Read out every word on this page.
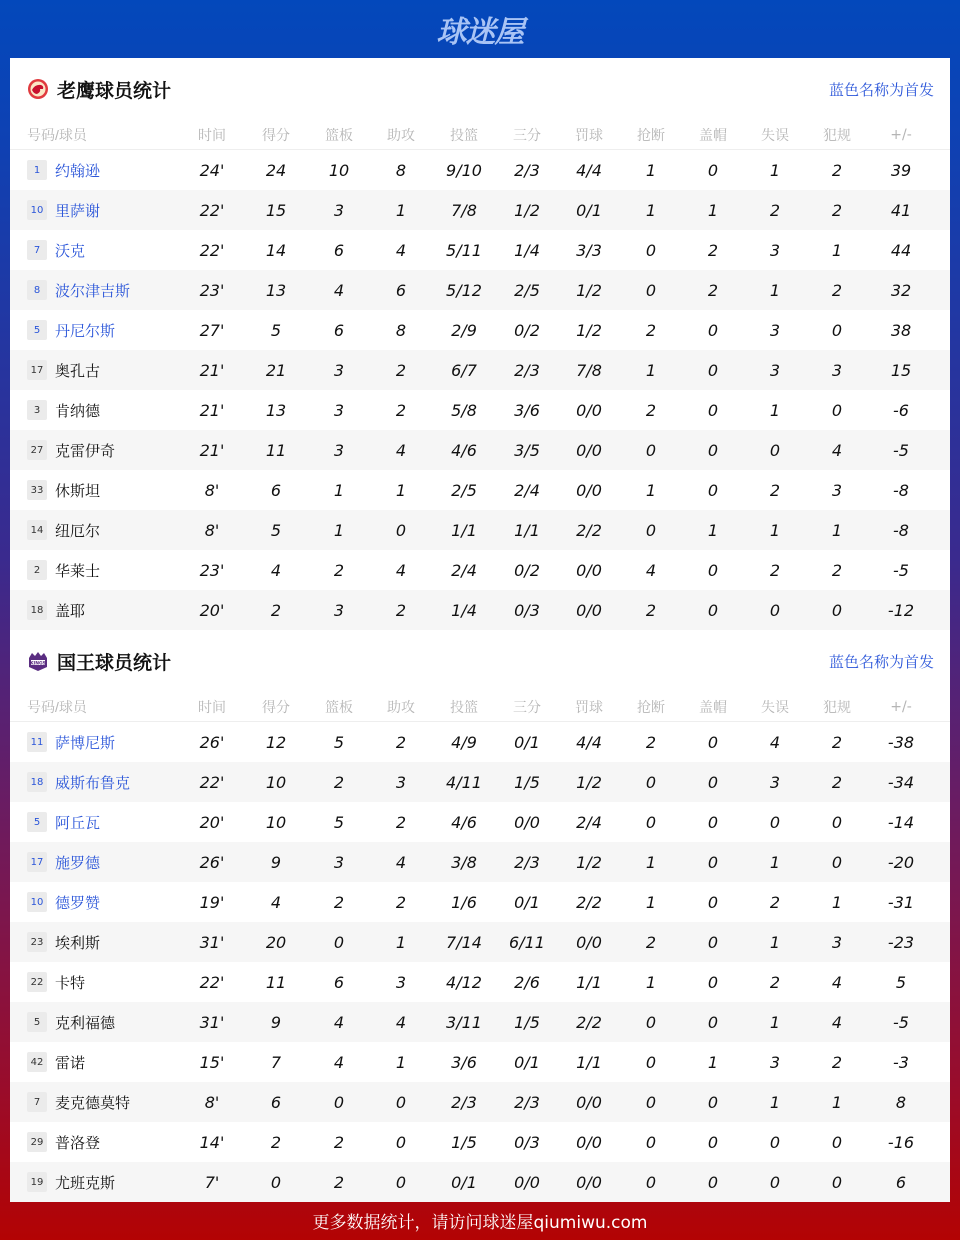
球迷屋
老鹰球员统计	蓝色名称为首发
号码/球员	时间	得分	篮板	助攻	投篮	三分	罚球	抢断	盖帽	失误	犯规	+/-
1 约翰逊	24'	24	10	8	9/10	2/3	4/4	1	0	1	2	39
10 里萨谢	22'	15	3	1	7/8	1/2	0/1	1	1	2	2	41
7 沃克	22'	14	6	4	5/11	1/4	3/3	0	2	3	1	44
8 波尔津吉斯	23'	13	4	6	5/12	2/5	1/2	0	2	1	2	32
5 丹尼尔斯	27'	5	6	8	2/9	0/2	1/2	2	0	3	0	38
17 奥孔古	21'	21	3	2	6/7	2/3	7/8	1	0	3	3	15
3 肯纳德	21'	13	3	2	5/8	3/6	0/0	2	0	1	0	-6
27 克雷伊奇	21'	11	3	4	4/6	3/5	0/0	0	0	0	4	-5
33 休斯坦	8'	6	1	1	2/5	2/4	0/0	1	0	2	3	-8
14 纽厄尔	8'	5	1	0	1/1	1/1	2/2	0	1	1	1	-8
2 华莱士	23'	4	2	4	2/4	0/2	0/0	4	0	2	2	-5
18 盖耶	20'	2	3	2	1/4	0/3	0/0	2	0	0	0	-12
KINGS 国王球员统计	蓝色名称为首发
号码/球员	时间	得分	篮板	助攻	投篮	三分	罚球	抢断	盖帽	失误	犯规	+/-
11 萨博尼斯	26'	12	5	2	4/9	0/1	4/4	2	0	4	2	-38
18 威斯布鲁克	22'	10	2	3	4/11	1/5	1/2	0	0	3	2	-34
5 阿丘瓦	20'	10	5	2	4/6	0/0	2/4	0	0	0	0	-14
17 施罗德	26'	9	3	4	3/8	2/3	1/2	1	0	1	0	-20
10 德罗赞	19'	4	2	2	1/6	0/1	2/2	1	0	2	1	-31
23 埃利斯	31'	20	0	1	7/14	6/11	0/0	2	0	1	3	-23
22 卡特	22'	11	6	3	4/12	2/6	1/1	1	0	2	4	5
5 克利福德	31'	9	4	4	3/11	1/5	2/2	0	0	1	4	-5
42 雷诺	15'	7	4	1	3/6	0/1	1/1	0	1	3	2	-3
7 麦克德莫特	8'	6	0	0	2/3	2/3	0/0	0	0	1	1	8
29 普洛登	14'	2	2	0	1/5	0/3	0/0	0	0	0	0	-16
19 尤班克斯	7'	0	2	0	0/1	0/0	0/0	0	0	0	0	6
更多数据统计，请访问球迷屋qiumiwu.com
